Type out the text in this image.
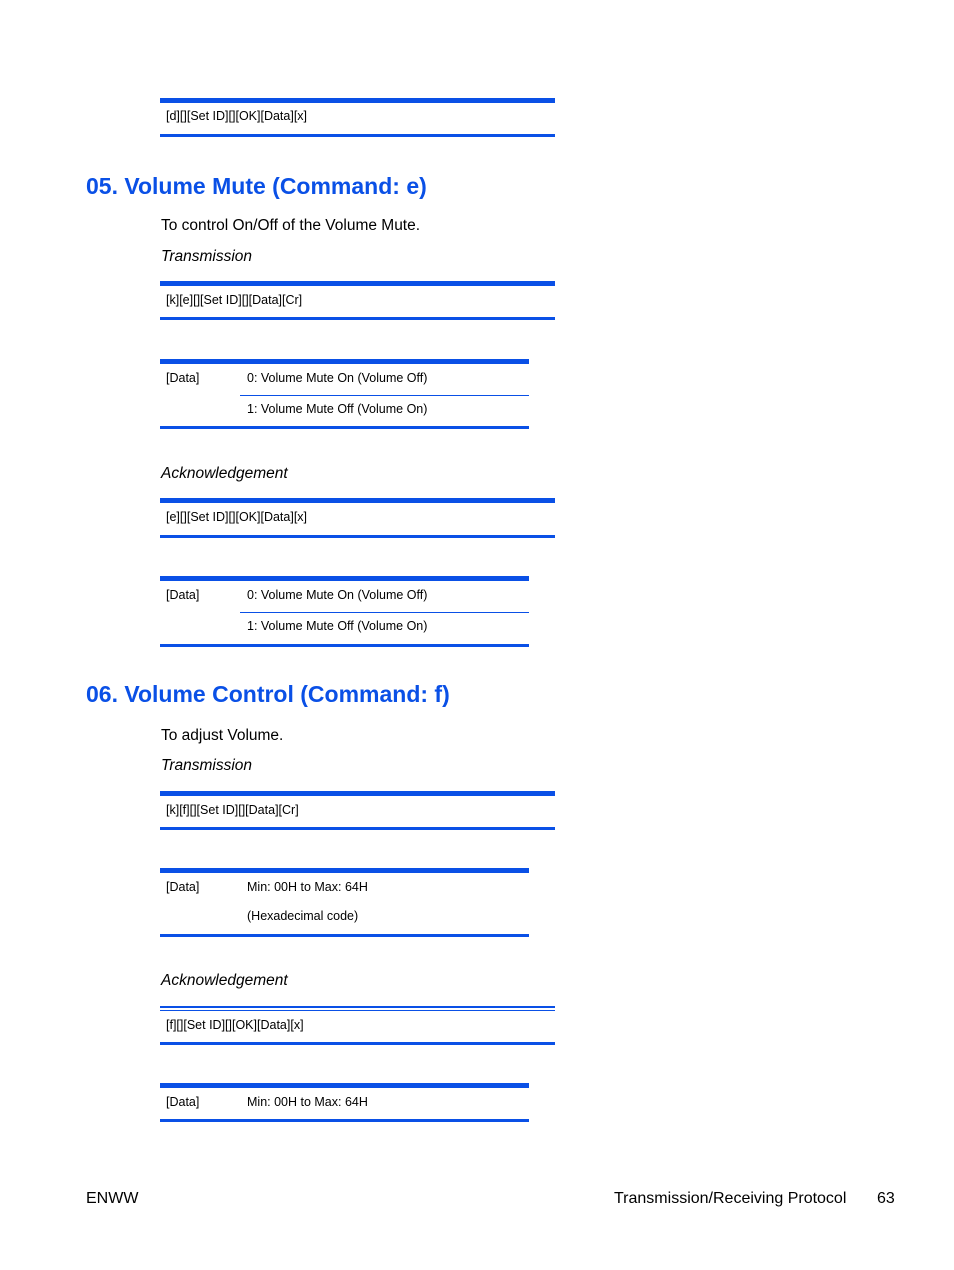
[d][][Set ID][][OK][Data][x]
05. Volume Mute (Command: e)
To control On/Off of the Volume Mute.
Transmission
[k][e][][Set ID][][Data][Cr]
[Data]	0: Volume Mute On (Volume Off)
1: Volume Mute Off (Volume On)
Acknowledgement
[e][][Set ID][][OK][Data][x]
[Data]	0: Volume Mute On (Volume Off)
1: Volume Mute Off (Volume On)
06. Volume Control (Command: f)
To adjust Volume.
Transmission
[k][f][][Set ID][][Data][Cr]
[Data]	Min: 00H to Max: 64H
(Hexadecimal code)
Acknowledgement
[f][][Set ID][][OK][Data][x]
[Data]	Min: 00H to Max: 64H
ENWW	Transmission/Receiving Protocol 63
